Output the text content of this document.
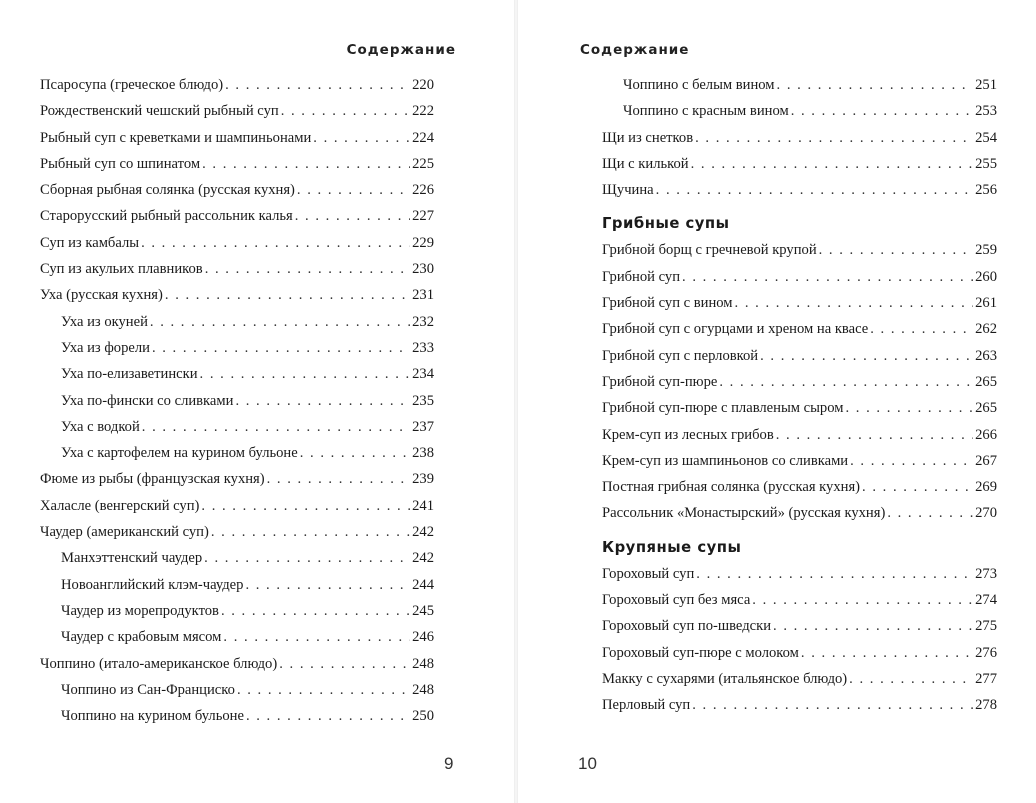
Содержание
Псаросупа (греческое блюдо) . . .	220
Рождественский чешский рыбный суп . . .	222
Рыбный суп с креветками и шампиньонами . . .	224
Рыбный суп со шпинатом . . .	225
Сборная рыбная солянка (русская кухня) . . .	226
Старорусский рыбный рассольник калья . . .	227
Суп из камбалы . . .	229
Суп из акульих плавников . . .	230
Уха (русская кухня) . . .	231
Уха из окуней . . .	232
Уха из форели . . .	233
Уха по-елизаветински . . .	234
Уха по-фински со сливками . . .	235
Уха с водкой . . .	237
Уха с картофелем на курином бульоне . . .	238
Фюме из рыбы (французская кухня) . . .	239
Халасле (венгерский суп) . . .	241
Чаудер (американский суп) . . .	242
Манхэттенский чаудер . . .	242
Новоанглийский клэм-чаудер . . .	244
Чаудер из морепродуктов . . .	245
Чаудер с крабовым мясом . . .	246
Чоппино (итало-американское блюдо) . . .	248
Чоппино из Сан-Франциско . . .	248
Чоппино на курином бульоне . . .	250
9
Содержание
Чоппино с белым вином . . .	251
Чоппино с красным вином . . .	253
Щи из снетков . . .	254
Щи с килькой . . .	255
Щучина . . .	256
Грибные супы
Грибной борщ с гречневой крупой . . .	259
Грибной суп . . .	260
Грибной суп с вином . . .	261
Грибной суп с огурцами и хреном на квасе . . .	262
Грибной суп с перловкой . . .	263
Грибной суп-пюре . . .	265
Грибной суп-пюре с плавленым сыром . . .	265
Крем-суп из лесных грибов . . .	266
Крем-суп из шампиньонов со сливками . . .	267
Постная грибная солянка (русская кухня) . . .	269
Рассольник «Монастырский» (русская кухня) . . .	270
Крупяные супы
Гороховый суп . . .	273
Гороховый суп без мяса . . .	274
Гороховый суп по-шведски . . .	275
Гороховый суп-пюре с молоком . . .	276
Макку с сухарями (итальянское блюдо) . . .	277
Перловый суп . . .	278
10
